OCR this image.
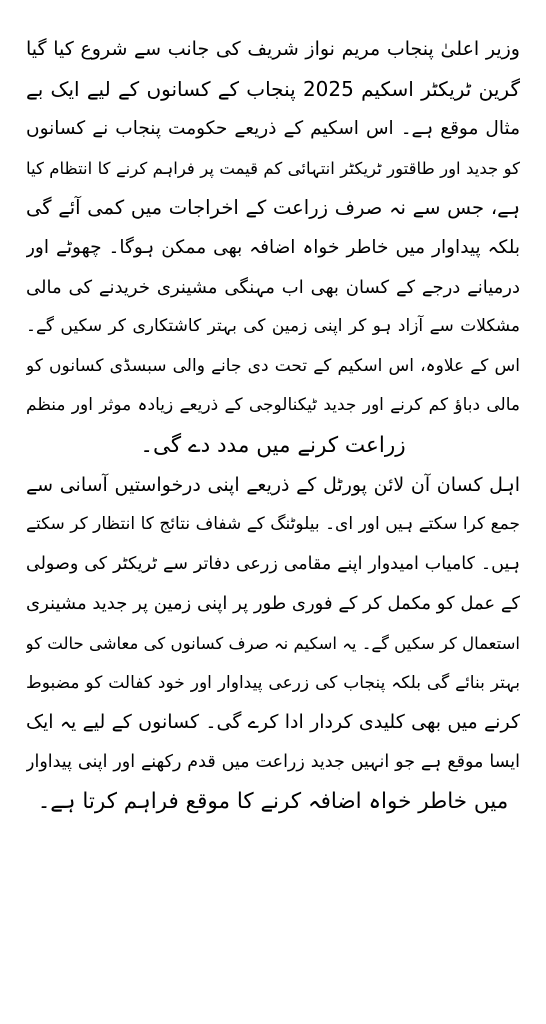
وزیر اعلیٰ پنجاب مریم نواز شریف کی جانب سے شروع کیا گیا
گرین ٹریکٹر اسکیم 2025 پنجاب کے کسانوں کے لیے ایک بے
مثال موقع ہے۔ اس اسکیم کے ذریعے حکومت پنجاب نے کسانوں
کو جدید اور طاقتور ٹریکٹر انتہائی کم قیمت پر فراہم کرنے کا انتظام کیا
ہے، جس سے نہ صرف زراعت کے اخراجات میں کمی آئے گی
بلکہ پیداوار میں خاطر خواہ اضافہ بھی ممکن ہوگا۔ چھوٹے اور
درمیانے درجے کے کسان بھی اب مہنگی مشینری خریدنے کی مالی
مشکلات سے آزاد ہو کر اپنی زمین کی بہتر کاشتکاری کر سکیں گے۔
اس کے علاوہ، اس اسکیم کے تحت دی جانے والی سبسڈی کسانوں کو
مالی دباؤ کم کرنے اور جدید ٹیکنالوجی کے ذریعے زیادہ موثر اور منظم
زراعت کرنے میں مدد دے گی۔
اہل کسان آن لائن پورٹل کے ذریعے اپنی درخواستیں آسانی سے
جمع کرا سکتے ہیں اور ای۔ بیلوٹنگ کے شفاف نتائج کا انتظار کر سکتے
ہیں۔ کامیاب امیدوار اپنے مقامی زرعی دفاتر سے ٹریکٹر کی وصولی
کے عمل کو مکمل کر کے فوری طور پر اپنی زمین پر جدید مشینری
استعمال کر سکیں گے۔ یہ اسکیم نہ صرف کسانوں کی معاشی حالت کو
بہتر بنائے گی بلکہ پنجاب کی زرعی پیداوار اور خود کفالت کو مضبوط
کرنے میں بھی کلیدی کردار ادا کرے گی۔ کسانوں کے لیے یہ ایک
ایسا موقع ہے جو انہیں جدید زراعت میں قدم رکھنے اور اپنی پیداوار
میں خاطر خواہ اضافہ کرنے کا موقع فراہم کرتا ہے۔
